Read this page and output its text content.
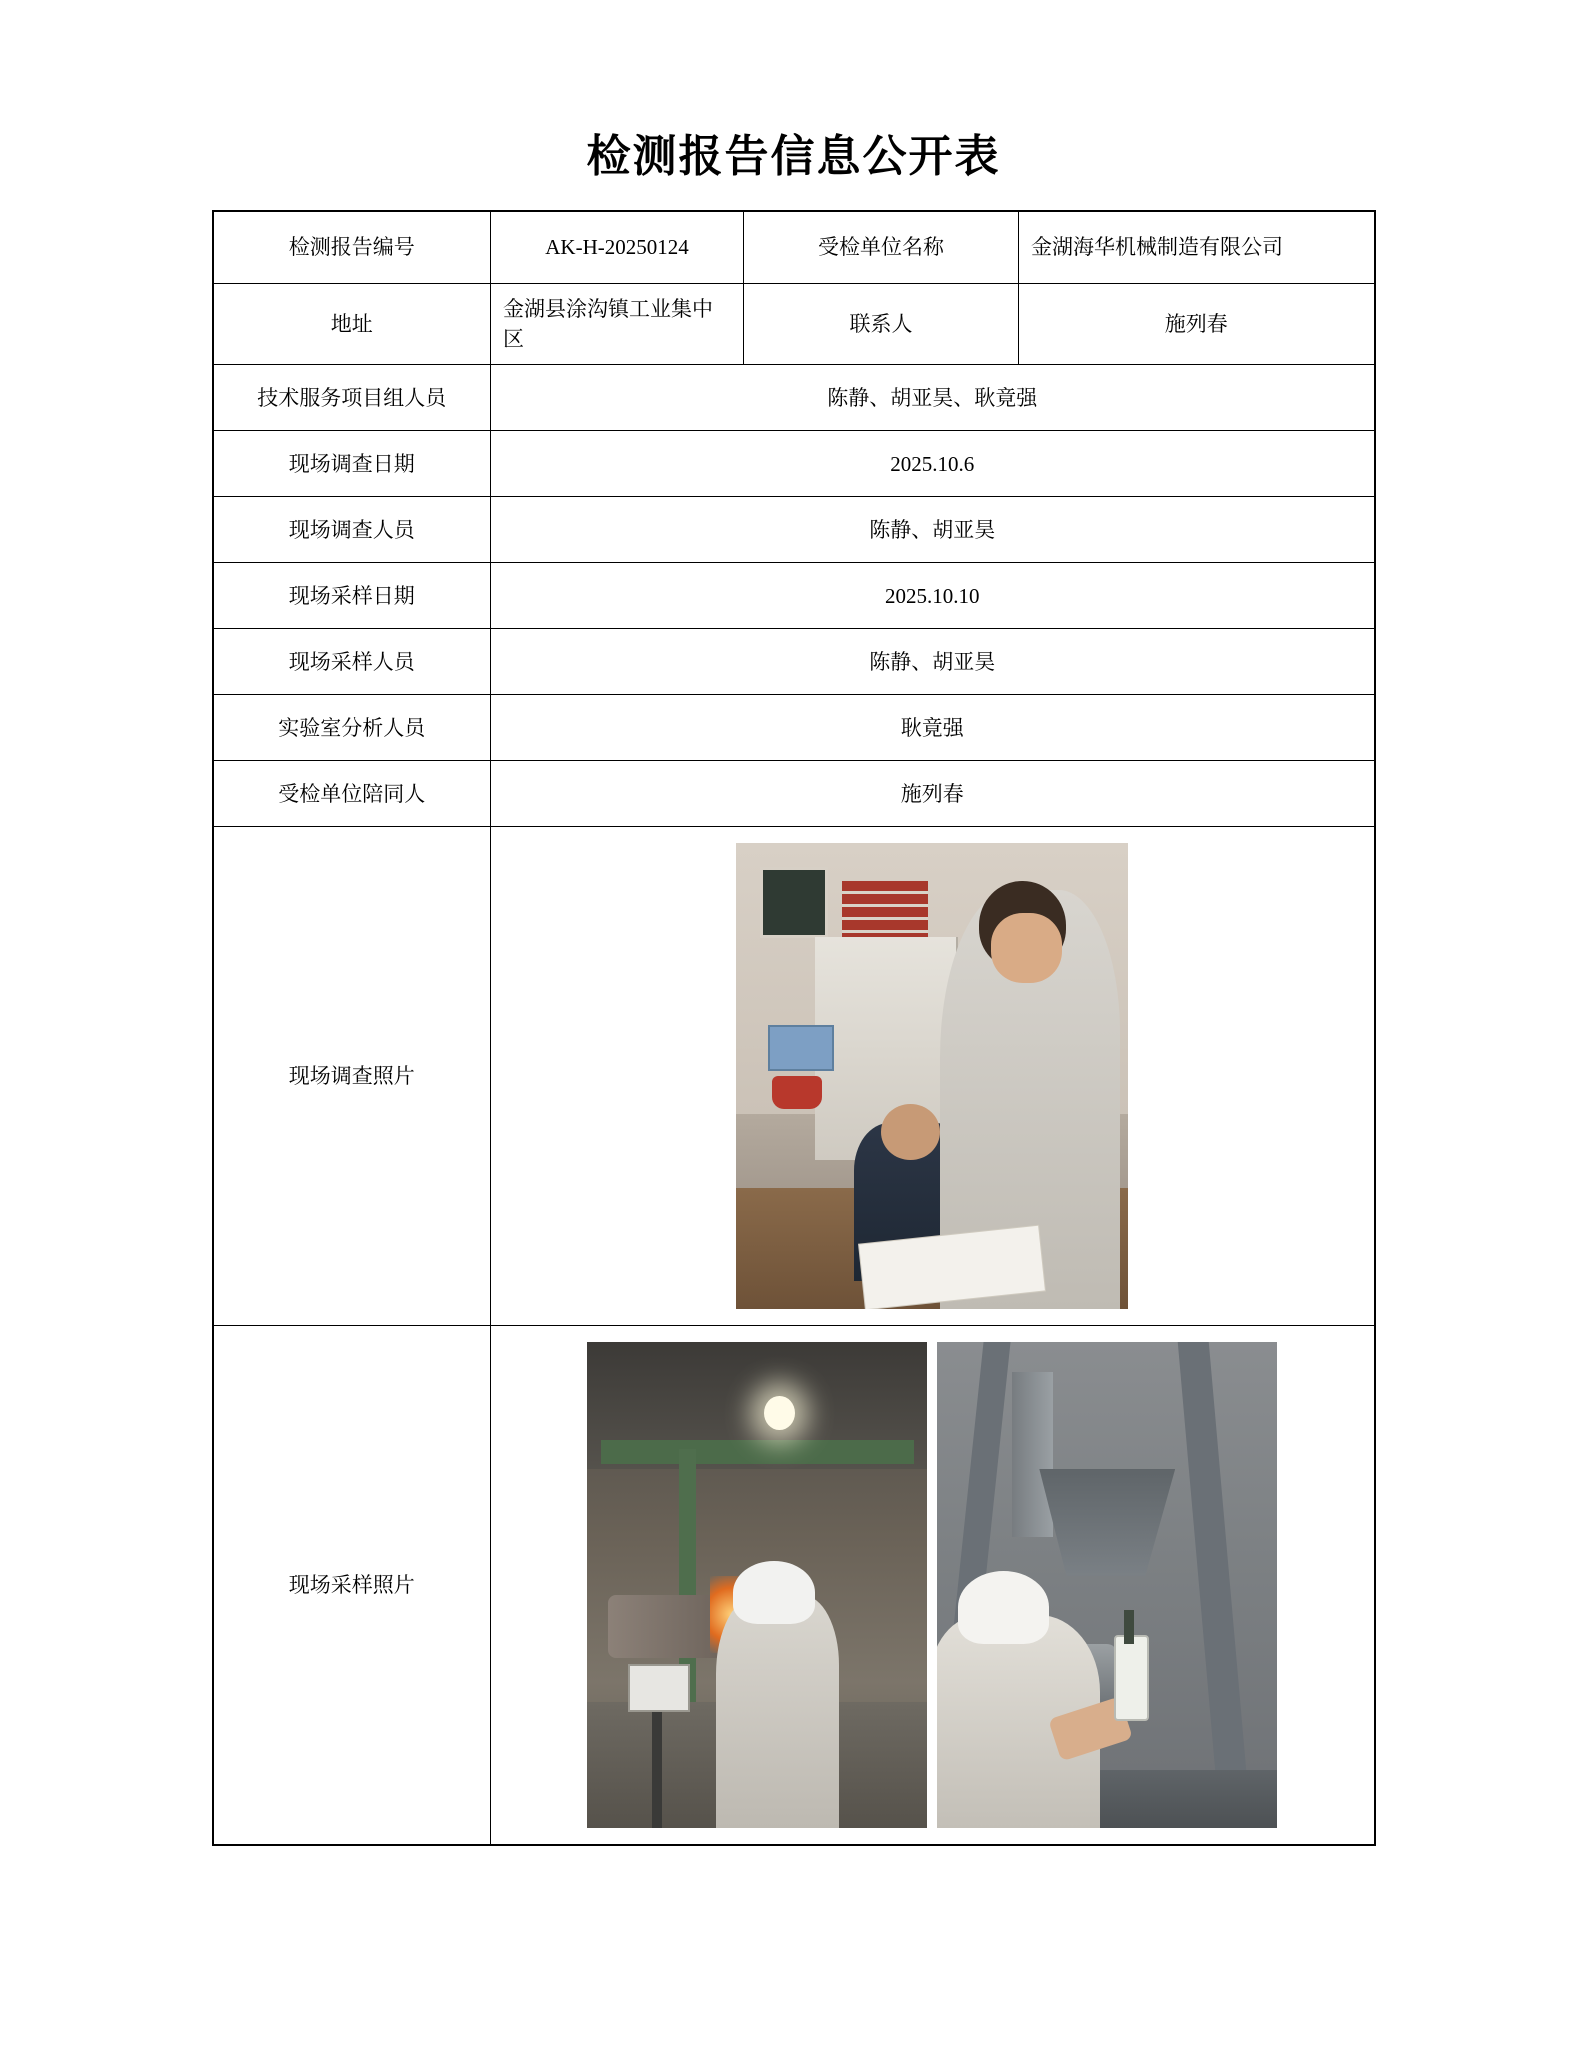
检测报告信息公开表
检测报告编号	AK-H-20250124	受检单位名称	金湖海华机械制造有限公司
地址	金湖县涂沟镇工业集中区	联系人	施列春
技术服务项目组人员	陈静、胡亚昊、耿竟强		
现场调查日期	2025.10.6		
现场调查人员	陈静、胡亚昊		
现场采样日期	2025.10.10		
现场采样人员	陈静、胡亚昊		
实验室分析人员	耿竟强		
受检单位陪同人	施列春		
现场调查照片			

现场采样照片			
